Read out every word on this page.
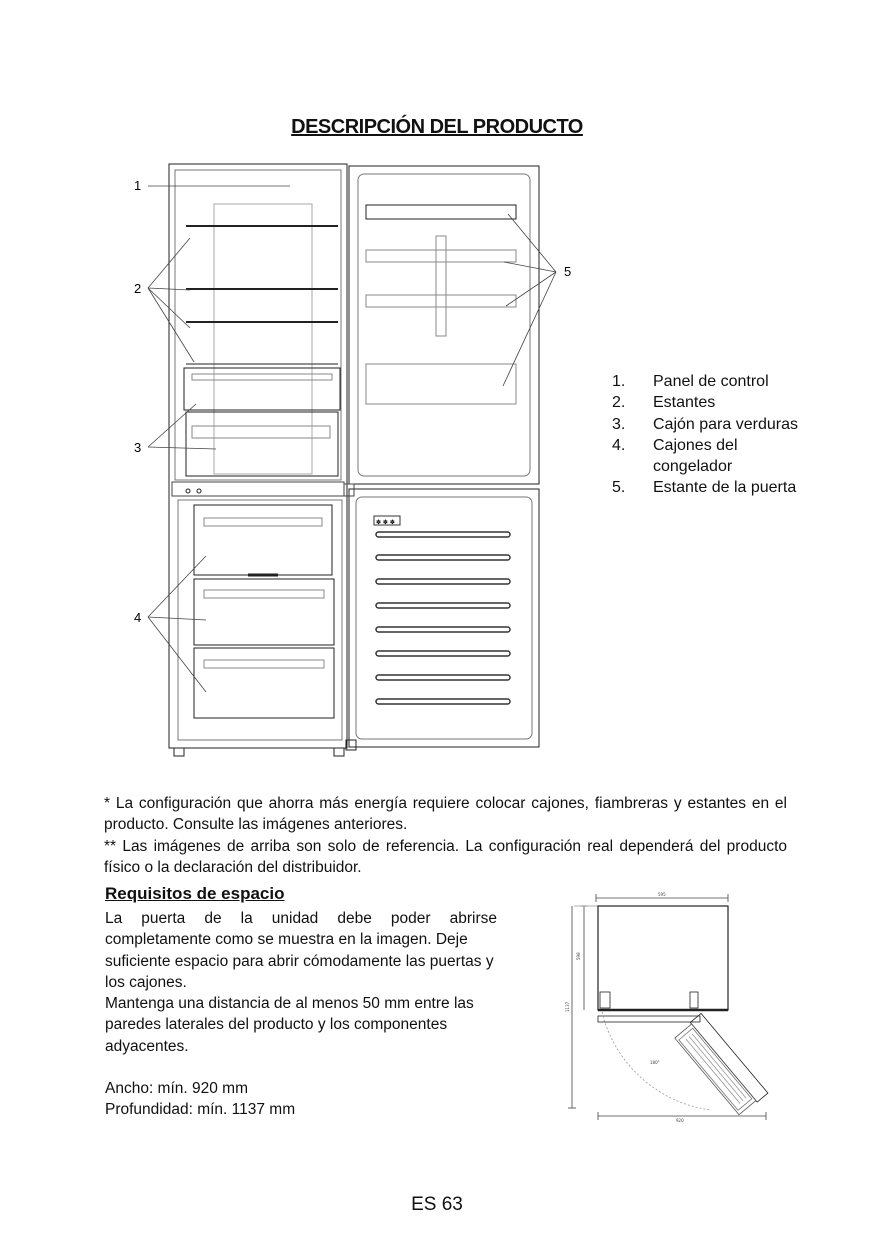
DESCRIPCIÓN DEL PRODUCTO
1
2
3
4
5
✽ ✽ ✽
1.	Panel de control
2.	Estantes
3.	Cajón para verduras
4.	Cajones del congelador
5.	Estante de la puerta

* La configuración que ahorra más energía requiere colocar cajones, fiambreras y estantes en el producto. Consulte las imágenes anteriores.

** Las imágenes de arriba son solo de referencia. La configuración real dependerá del producto físico o la declaración del distribuidor.

Requisitos de espacio

La puerta de la unidad debe poder abrirse

completamente como se muestra en la imagen. Deje

suficiente espacio para abrir cómodamente las puertas y

los cajones.

Mantenga una distancia de al menos 50 mm entre las

paredes laterales del producto y los componentes

adyacentes.

Ancho: mín. 920 mm

Profundidad: mín. 1137 mm

595
598
1137
920
180°
ES 63
